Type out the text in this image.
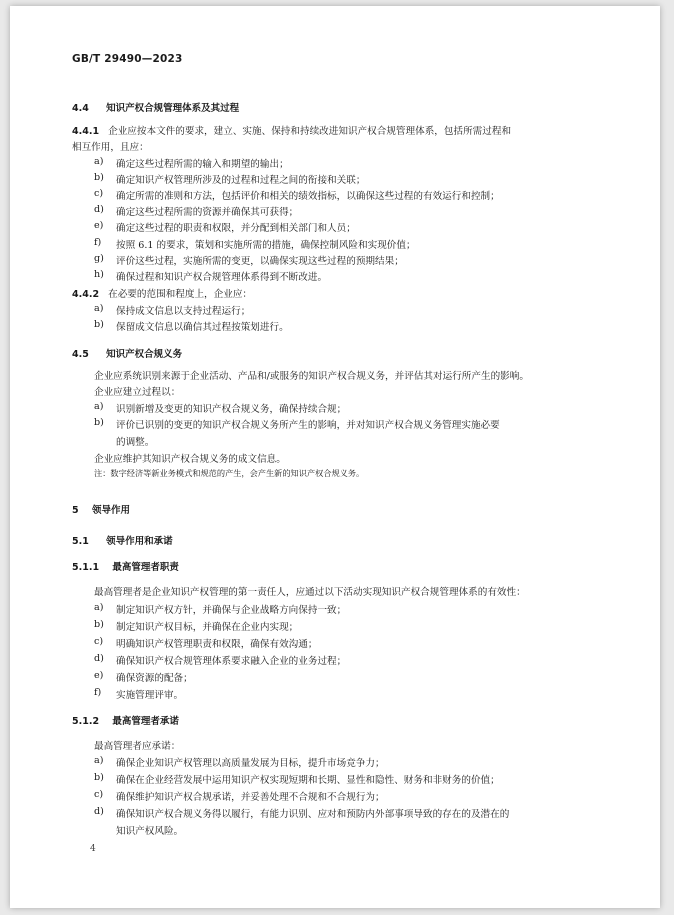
GB/T 29490—2023
4.4 知识产权合规管理体系及其过程
4.4.1 企业应按本文件的要求，建立、实施、保持和持续改进知识产权合规管理体系，包括所需过程和
相互作用，且应：
a) 确定这些过程所需的输入和期望的输出；
b) 确定知识产权管理所涉及的过程和过程之间的衔接和关联；
c) 确定所需的准则和方法，包括评价和相关的绩效指标，以确保这些过程的有效运行和控制；
d) 确定这些过程所需的资源并确保其可获得；
e) 确定这些过程的职责和权限，并分配到相关部门和人员；
f) 按照 6.1 的要求，策划和实施所需的措施，确保控制风险和实现价值；
g) 评价这些过程，实施所需的变更，以确保实现这些过程的预期结果；
h) 确保过程和知识产权合规管理体系得到不断改进。
4.4.2 在必要的范围和程度上，企业应：
a) 保持成文信息以支持过程运行；
b) 保留成文信息以确信其过程按策划进行。
4.5 知识产权合规义务
企业应系统识别来源于企业活动、产品和/或服务的知识产权合规义务，并评估其对运行所产生的影响。
企业应建立过程以：
a) 识别新增及变更的知识产权合规义务，确保持续合规；
b) 评价已识别的变更的知识产权合规义务所产生的影响，并对知识产权合规义务管理实施必要
的调整。
企业应维护其知识产权合规义务的成文信息。
注：数字经济等新业务模式和规范的产生，会产生新的知识产权合规义务。
5 领导作用
5.1 领导作用和承诺
5.1.1 最高管理者职责
最高管理者是企业知识产权管理的第一责任人，应通过以下活动实现知识产权合规管理体系的有效性：
a) 制定知识产权方针，并确保与企业战略方向保持一致；
b) 制定知识产权目标，并确保在企业内实现；
c) 明确知识产权管理职责和权限，确保有效沟通；
d) 确保知识产权合规管理体系要求融入企业的业务过程；
e) 确保资源的配备；
f) 实施管理评审。
5.1.2 最高管理者承诺
最高管理者应承诺：
a) 确保企业知识产权管理以高质量发展为目标，提升市场竞争力；
b) 确保在企业经营发展中运用知识产权实现短期和长期、显性和隐性、财务和非财务的价值；
c) 确保维护知识产权合规承诺，并妥善处理不合规和不合规行为；
d) 确保知识产权合规义务得以履行，有能力识别、应对和预防内外部事项导致的存在的及潜在的
知识产权风险。
4
